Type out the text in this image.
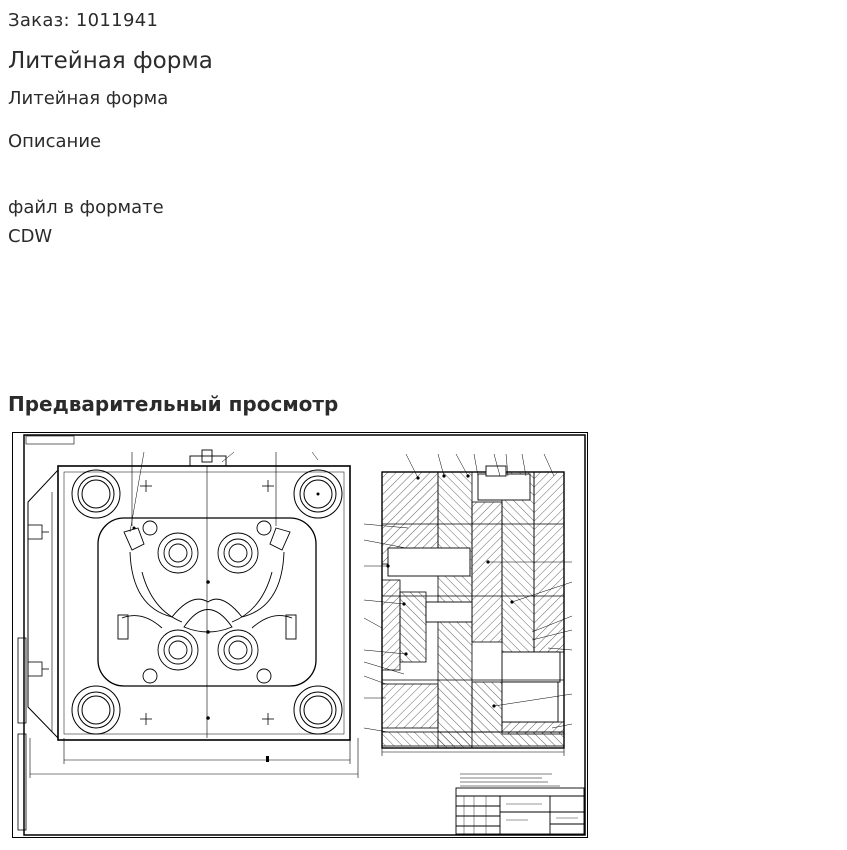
Заказ: 1011941
Литейная форма
Литейная форма
Описание
файл в формате CDW
Предварительный просмотр
